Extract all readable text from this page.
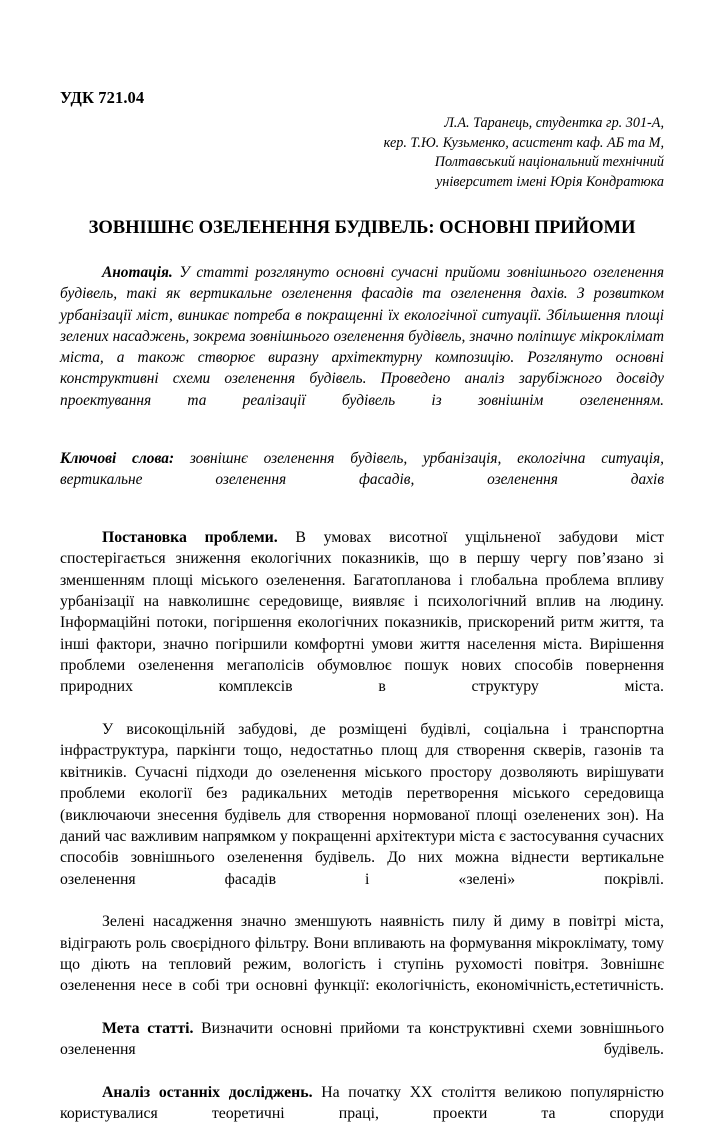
УДК 721.04
Л.А. Таранець, студентка гр. 301-А,
кер. Т.Ю. Кузьменко, асистент каф. АБ та М,
Полтавський національний технічний
університет імені Юрія Кондратюка
ЗОВНІШНЄ ОЗЕЛЕНЕННЯ БУДІВЕЛЬ: ОСНОВНІ ПРИЙОМИ

Анотація. У статті розглянуто основні сучасні прийоми зовнішнього озеленення будівель, такі як вертикальне озеленення фасадів та озеленення дахів. З розвитком урбанізації міст, виникає потреба в покращенні їх екологічної ситуації. Збільшення площі зелених насаджень, зокрема зовнішнього озеленення будівель, значно поліпшує мікроклімат міста, а також створює виразну архітектурну композицію. Розглянуто основні конструктивні схеми озеленення будівель. Проведено аналіз зарубіжного досвіду проектування та реалізації будівель із зовнішнім озелененням.

Ключові слова: зовнішнє озеленення будівель, урбанізація, екологічна ситуація, вертикальне озеленення фасадів, озеленення дахів

Постановка проблеми. В умовах висотної ущільненої забудови міст спостерігається зниження екологічних показників, що в першу чергу пов’язано зі зменшенням площі міського озеленення. Багатопланова і глобальна проблема впливу урбанізації на навколишнє середовище, виявляє і психологічний вплив на людину. Інформаційні потоки, погіршення екологічних показників, прискорений ритм життя, та інші фактори, значно погіршили комфортні умови життя населення міста. Вирішення проблеми озеленення мегаполісів обумовлює пошук нових способів повернення природних комплексів в структуру міста.

У високощільній забудові, де розміщені будівлі, соціальна і транспортна інфраструктура, паркінги тощо, недостатньо площ для створення скверів, газонів та квітників. Сучасні підходи до озеленення міського простору дозволяють вирішувати проблеми екології без радикальних методів перетворення міського середовища (виключаючи знесення будівель для створення нормованої площі озеленених зон). На даний час важливим напрямком у покращенні архітектури міста є застосування сучасних способів зовнішнього озеленення будівель. До них можна віднести вертикальне озеленення фасадів і «зелені» покрівлі.

Зелені насадження значно зменшують наявність пилу й диму в повітрі міста, відіграють роль своєрідного фільтру. Вони впливають на формування мікроклімату, тому що діють на тепловий режим, вологість і ступінь рухомості повітря. Зовнішнє озеленення несе в собі три основні функції: екологічність, економічність,естетичність.

Мета статті. Визначити основні прийоми та конструктивні схеми зовнішнього озеленення будівель.

Аналіз останніх досліджень. На початку ХХ століття великою популярністю користувалися теоретичні праці, проекти та споруди
